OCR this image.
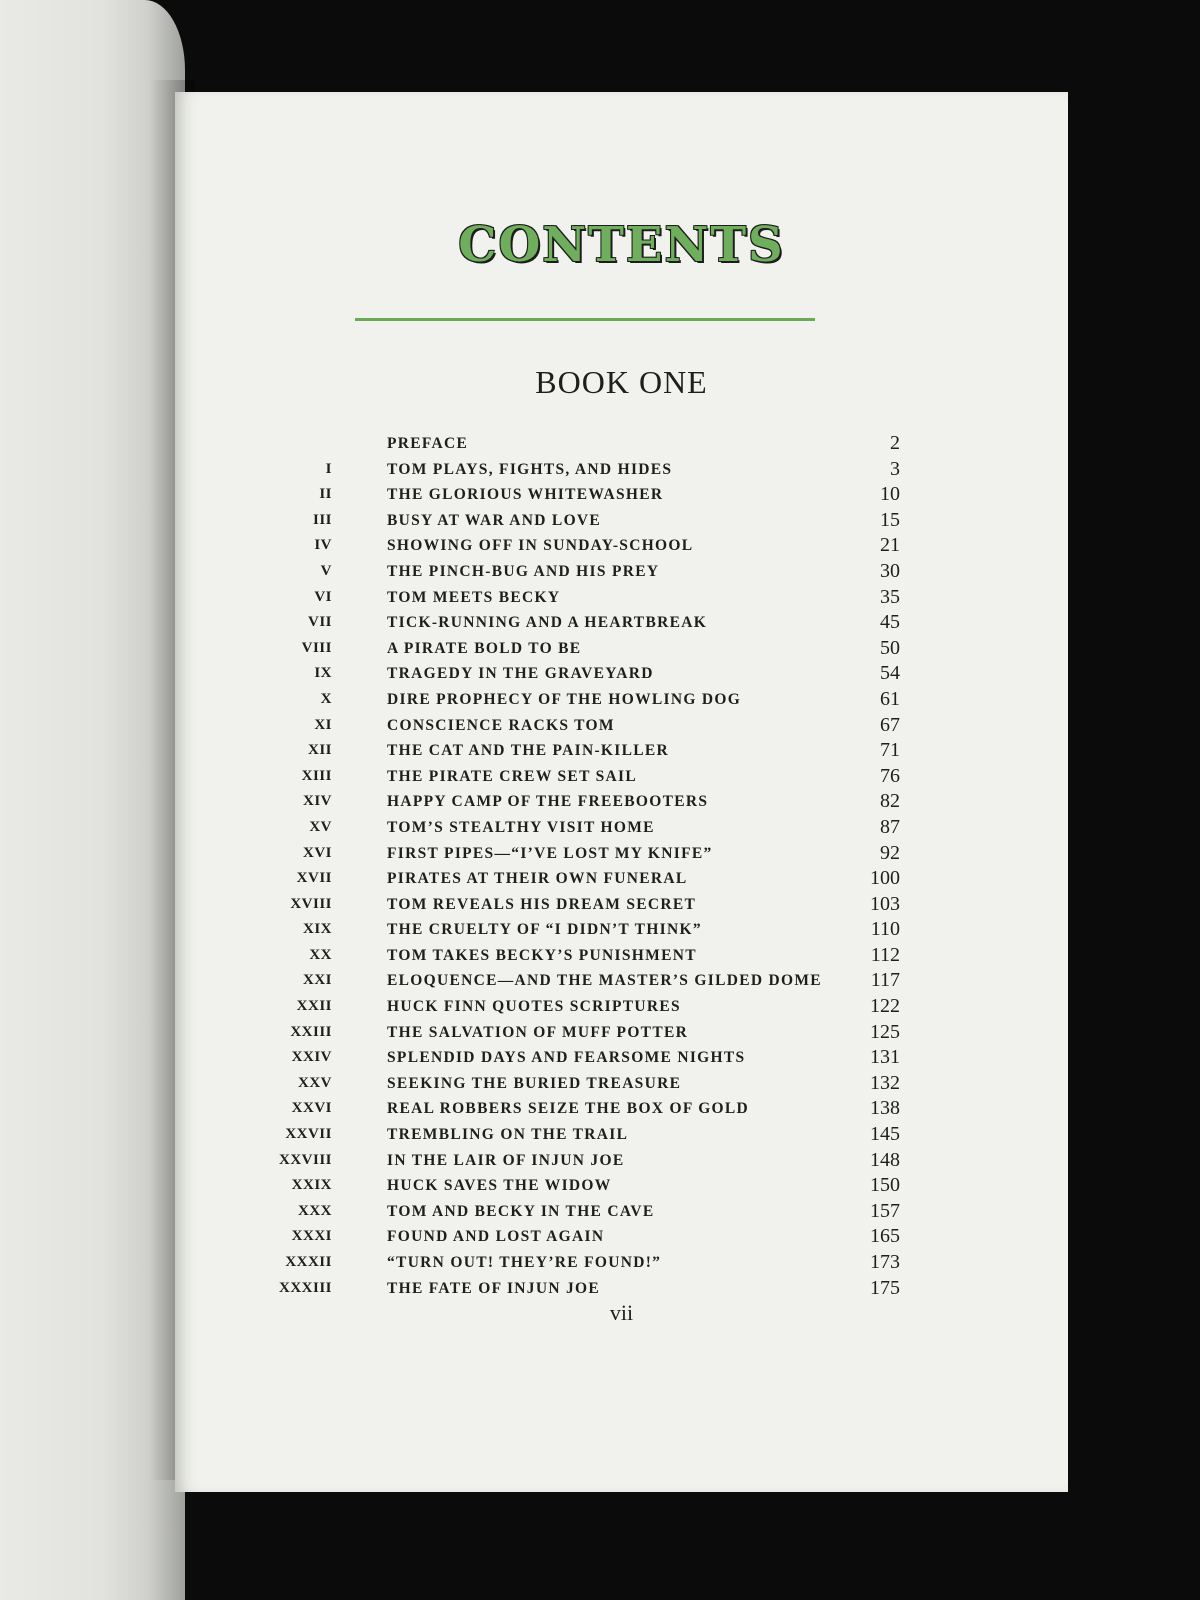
CONTENTS
BOOK ONE
PREFACE	2
I	TOM PLAYS, FIGHTS, AND HIDES	3
II	THE GLORIOUS WHITEWASHER	10
III	BUSY AT WAR AND LOVE	15
IV	SHOWING OFF IN SUNDAY-SCHOOL	21
V	THE PINCH-BUG AND HIS PREY	30
VI	TOM MEETS BECKY	35
VII	TICK-RUNNING AND A HEARTBREAK	45
VIII	A PIRATE BOLD TO BE	50
IX	TRAGEDY IN THE GRAVEYARD	54
X	DIRE PROPHECY OF THE HOWLING DOG	61
XI	CONSCIENCE RACKS TOM	67
XII	THE CAT AND THE PAIN-KILLER	71
XIII	THE PIRATE CREW SET SAIL	76
XIV	HAPPY CAMP OF THE FREEBOOTERS	82
XV	TOM’S STEALTHY VISIT HOME	87
XVI	FIRST PIPES—“I’VE LOST MY KNIFE”	92
XVII	PIRATES AT THEIR OWN FUNERAL	100
XVIII	TOM REVEALS HIS DREAM SECRET	103
XIX	THE CRUELTY OF “I DIDN’T THINK”	110
XX	TOM TAKES BECKY’S PUNISHMENT	112
XXI	ELOQUENCE—AND THE MASTER’S GILDED DOME 117
XXII	HUCK FINN QUOTES SCRIPTURES	122
XXIII	THE SALVATION OF MUFF POTTER	125
XXIV	SPLENDID DAYS AND FEARSOME NIGHTS	131
XXV	SEEKING THE BURIED TREASURE	132
XXVI	REAL ROBBERS SEIZE THE BOX OF GOLD	138
XXVII	TREMBLING ON THE TRAIL	145
XXVIII	IN THE LAIR OF INJUN JOE	148
XXIX	HUCK SAVES THE WIDOW	150
XXX	TOM AND BECKY IN THE CAVE	157
XXXI	FOUND AND LOST AGAIN	165
XXXII	“TURN OUT! THEY’RE FOUND!”	173
XXXIII	THE FATE OF INJUN JOE	175
vii
